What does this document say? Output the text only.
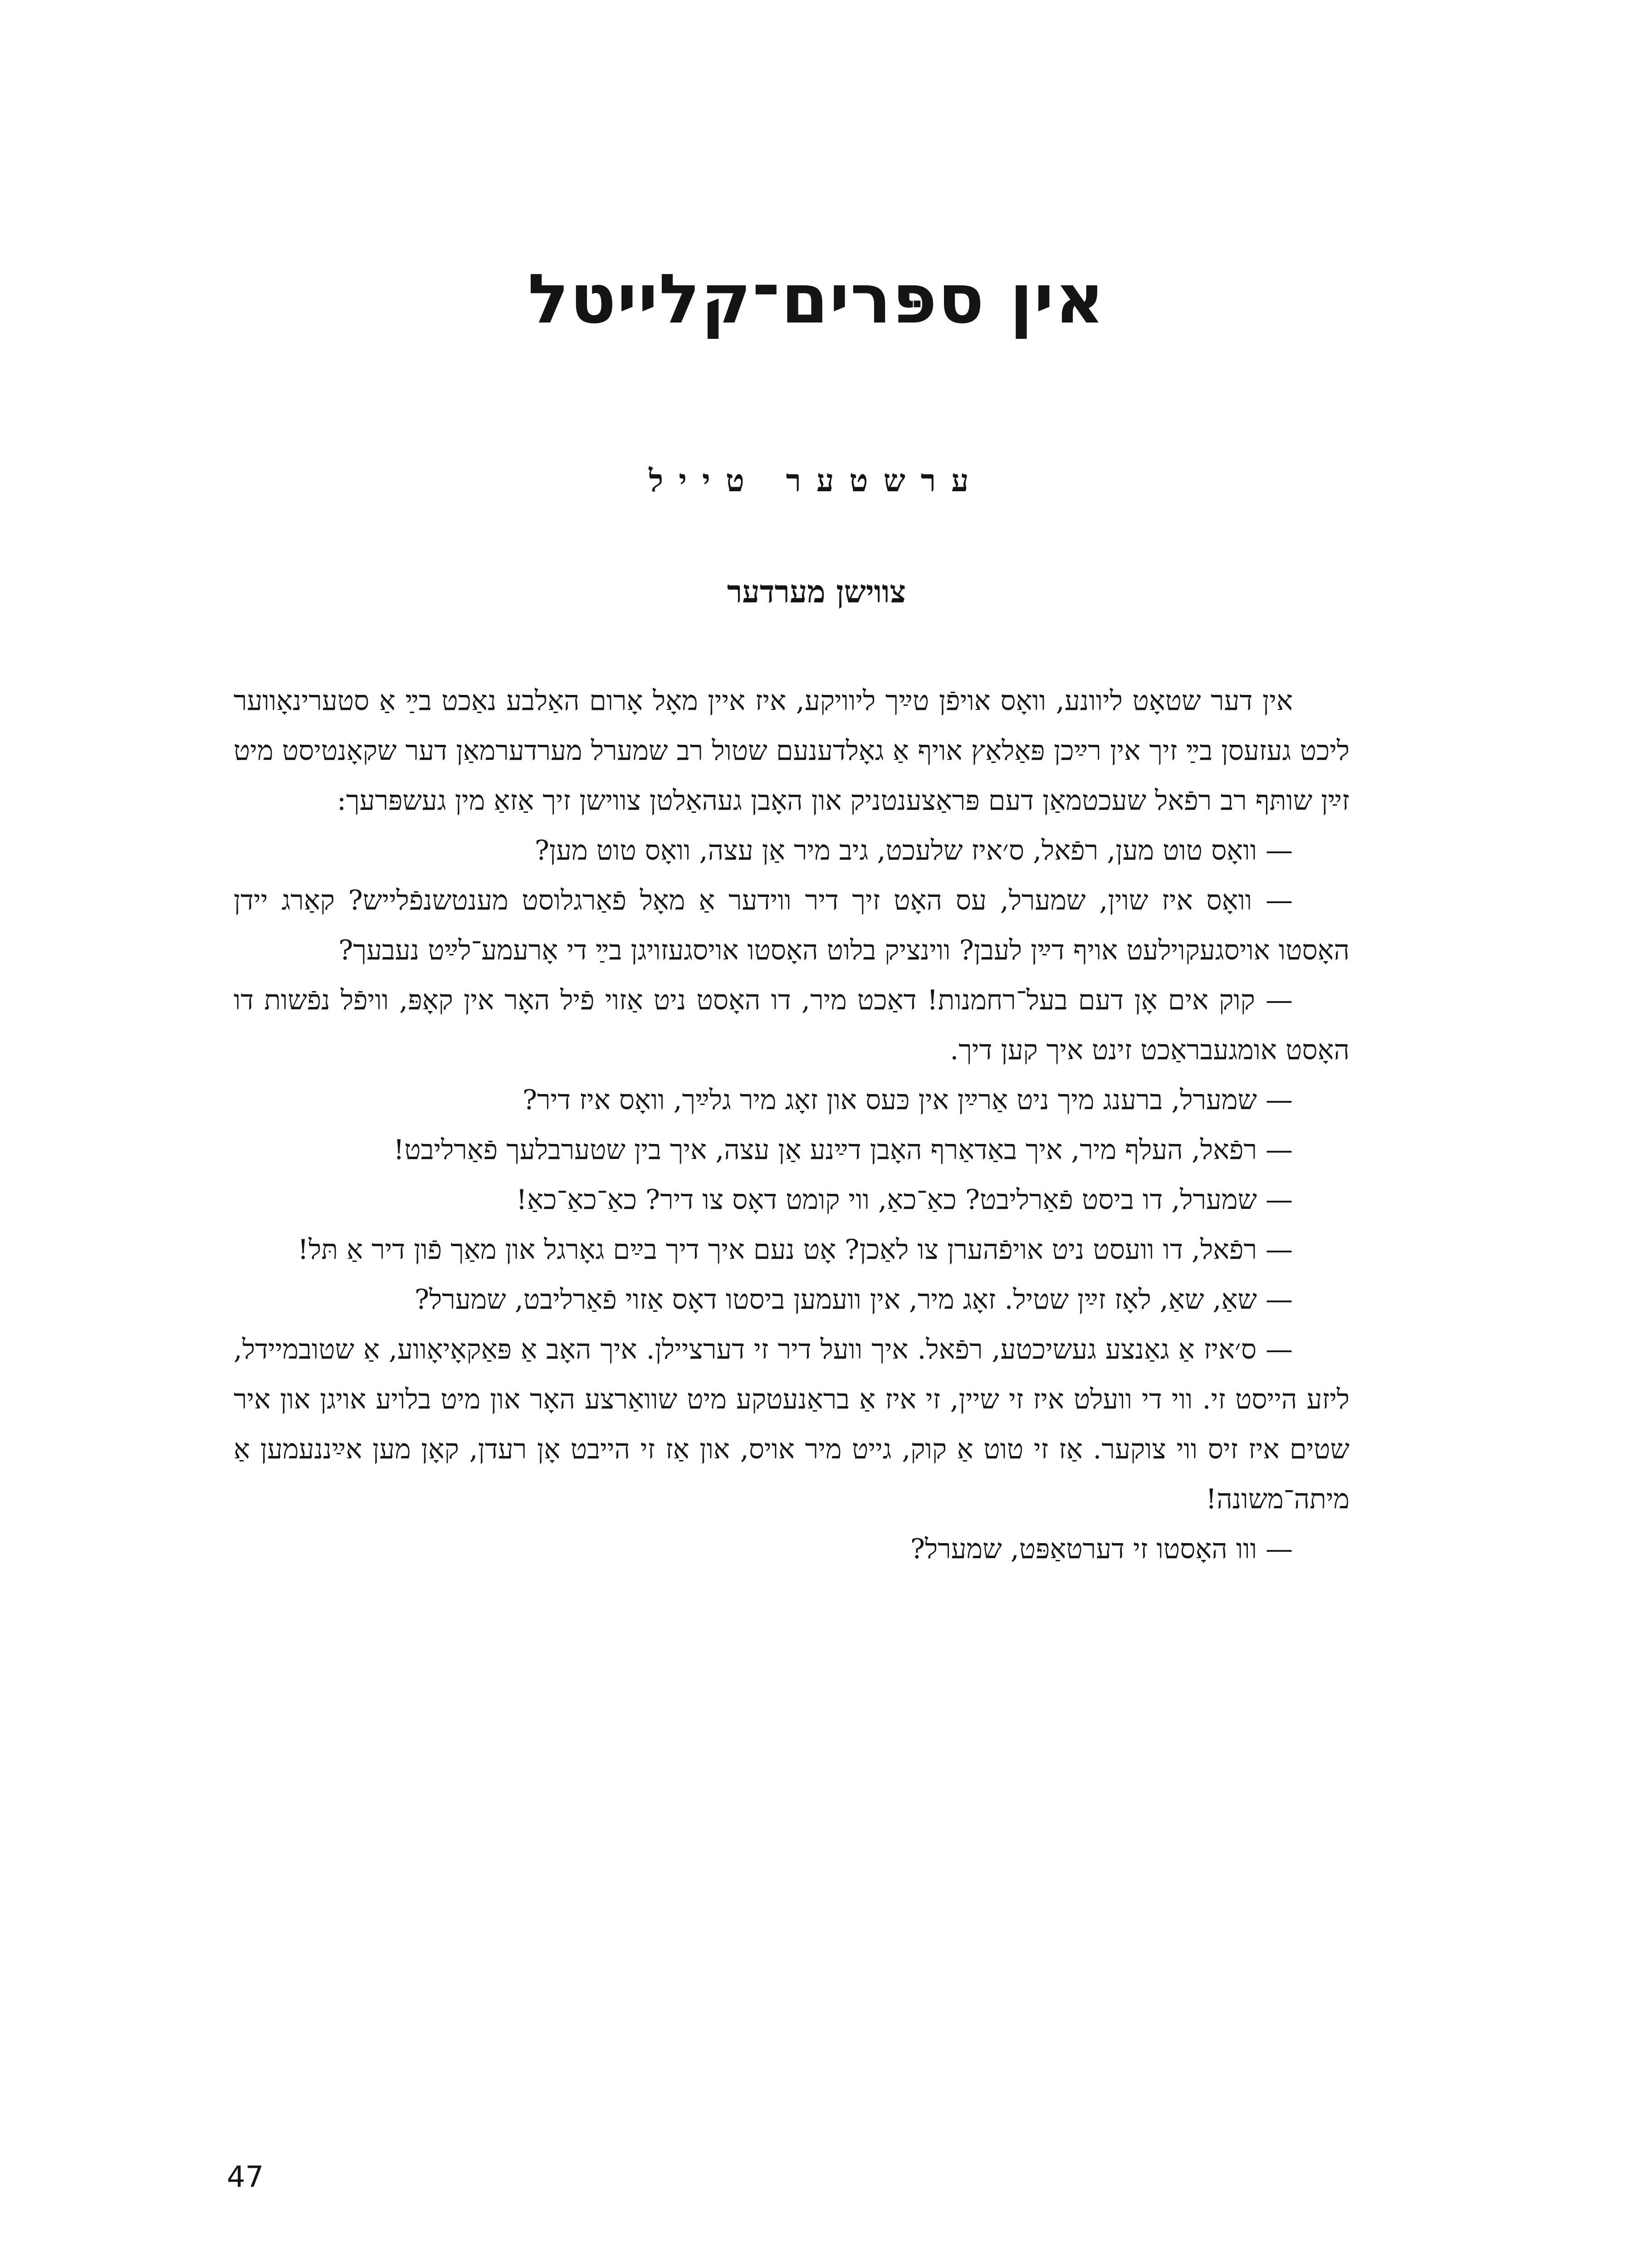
אין ספּרים־קלייטל
ערשטער טייל
צווישן מערדער

אין דער שטאָט ליוונע, וואָס אויפֿן טײַך ליוויקע, איז איין מאָל אָרום האַלבע נאַכט בײַ אַ סטערינאָווער ליכט געזעסן בײַ זיך אין רײַכן פּאַלאַץ אויף אַ גאָלדענעם שטול רב שמערל מערדערמאַן דער שקאָנטיסט מיט זײַן שותּף רב רפֿאל שעכטמאַן דעם פּראַצענטניק און האָבן געהאַלטן צווישן זיך אַזאַ מין געשפּרעך:

— וואָס טוט מען, רפֿאל, ס׳איז שלעכט, גיב מיר אַן עצה, וואָס טוט מען?

— וואָס איז שוין, שמערל, עס האָט זיך דיר ווידער אַ מאָל פֿאַרגלוסט מענטשנפֿלייש? קאַרג יידן האָסטו אויסגעקוילעט אויף דײַן לעבן? ווינציק בלוט האָסטו אויסגעזויגן בײַ די אָרעמע־לײַט נעבעך?

— קוק אים אָן דעם בעל־רחמנות! דאַכט מיר, דו האָסט ניט אַזוי פֿיל האָר אין קאָפּ, וויפֿל נפֿשות דו האָסט אומגעבראַכט זינט איך קען דיך.

— שמערל, ברענג מיך ניט אַרײַן אין כּעס און זאָג מיר גלײַך, וואָס איז דיר?

— רפֿאל, העלף מיר, איך באַדאַרף האָבן דײַנע אַן עצה, איך בין שטערבלעך פֿאַרליבט!

— שמערל, דו ביסט פֿאַרליבט? כאַ־כאַ, ווי קומט דאָס צו דיר? כאַ־כאַ־כאַ!

— רפֿאל, דו וועסט ניט אויפֿהערן צו לאַכן? אָט נעם איך דיך בײַם גאָרגל און מאַך פֿון דיר אַ תּל!

— שאַ, שאַ, לאָז זײַן שטיל. זאָג מיר, אין וועמען ביסטו דאָס אַזוי פֿאַרליבט, שמערל?

— ס׳איז אַ גאַנצע געשיכטע, רפֿאל. איך וועל דיר זי דערציילן. איך האָב אַ פּאַקאָיאָווע, אַ שטובמיידל, ליזע הייסט זי. ווי די וועלט איז זי שיין, זי איז אַ בראַנעטקע מיט שוואַרצע האָר און מיט בלויע אויגן און איר שטים איז זיס ווי צוקער. אַז זי טוט אַ קוק, גייט מיר אויס, און אַז זי הייבט אָן רעדן, קאָן מען אײַננעמען אַ מיתה־משונה!

— ווו האָסטו זי דערטאַפּט, שמערל?

47
